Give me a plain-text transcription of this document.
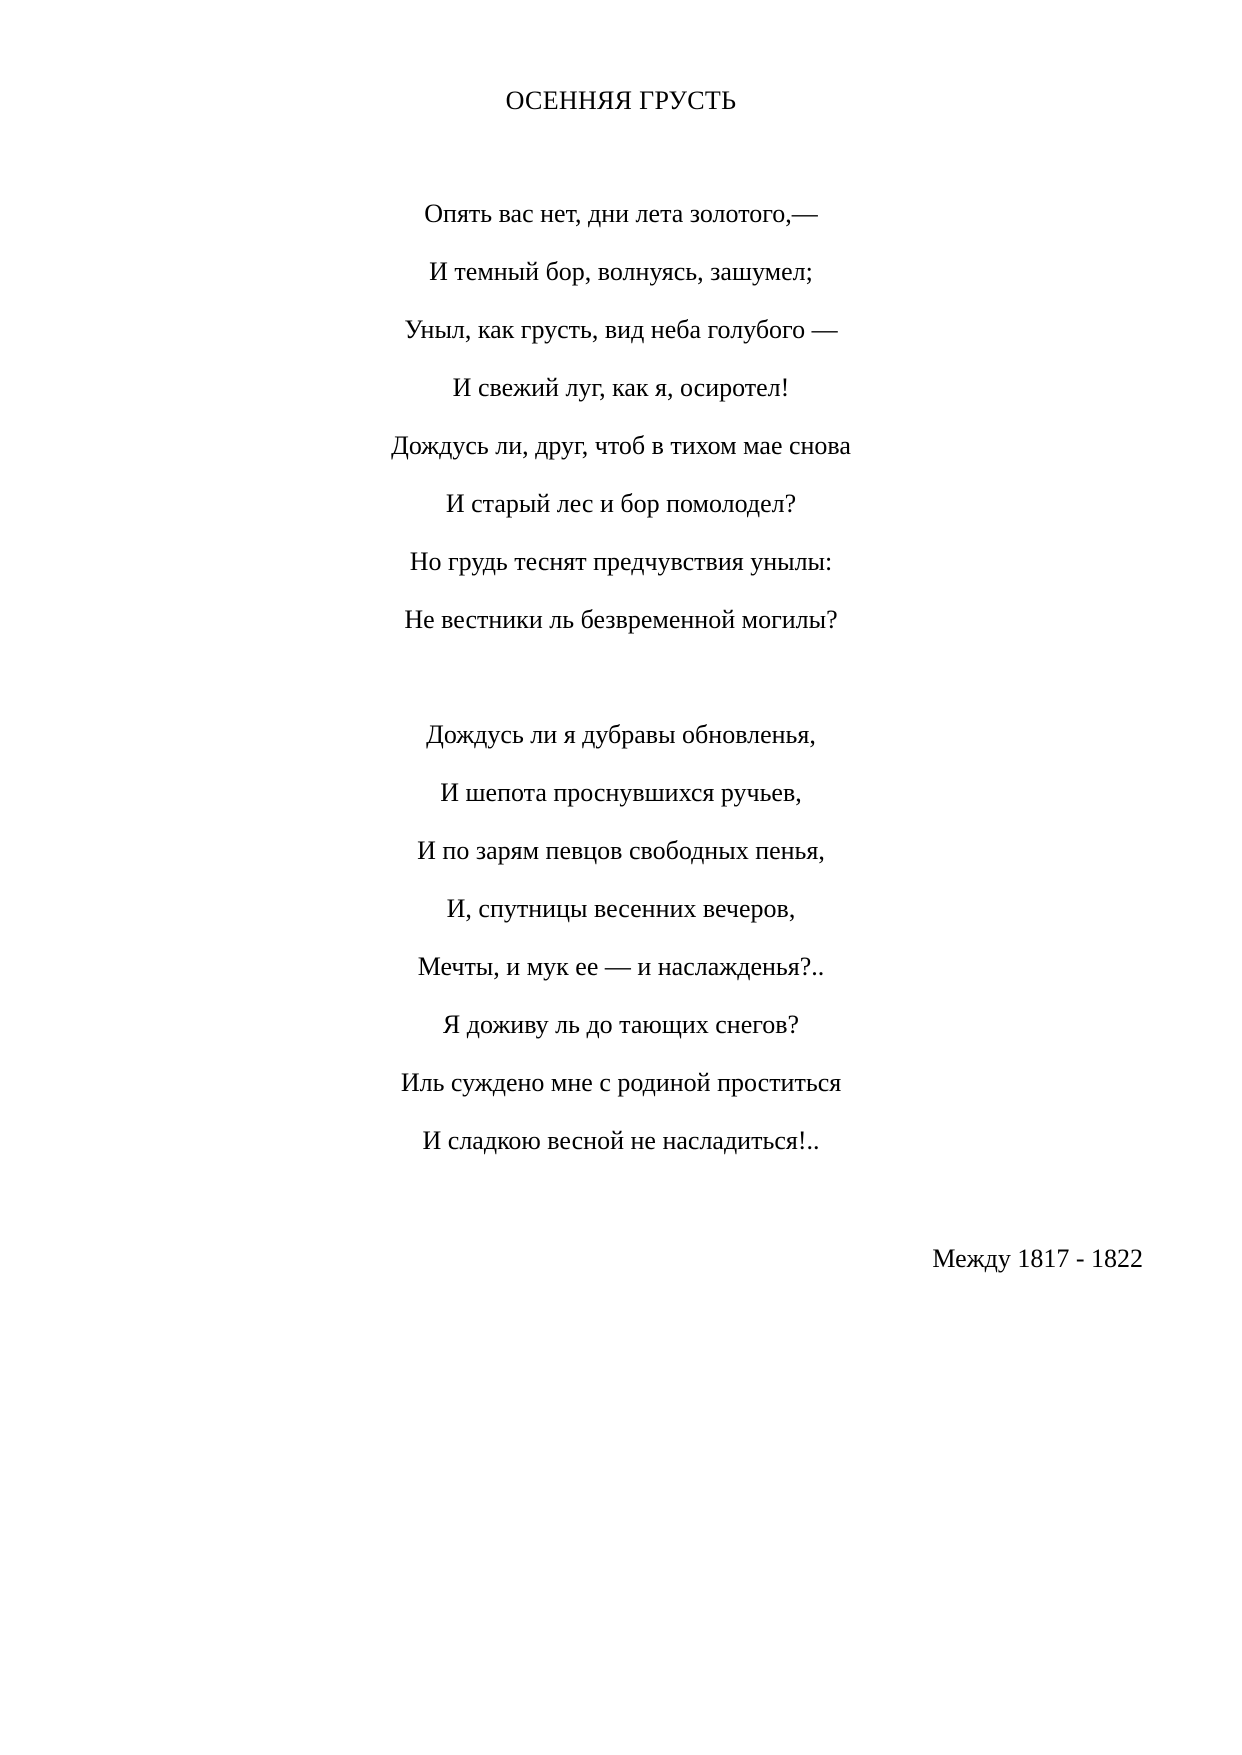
ОСЕННЯЯ ГРУСТЬ
Опять вас нет, дни лета золотого,—
И темный бор, волнуясь, зашумел;
Уныл, как грусть, вид неба голубого —
И свежий луг, как я, осиротел!
Дождусь ли, друг, чтоб в тихом мае снова
И старый лес и бор помолодел?
Но грудь теснят предчувствия унылы:
Не вестники ль безвременной могилы?
Дождусь ли я дубравы обновленья,
И шепота проснувшихся ручьев,
И по зарям певцов свободных пенья,
И, спутницы весенних вечеров,
Мечты, и мук ее — и наслажденья?..
Я доживу ль до тающих снегов?
Иль суждено мне с родиной проститься
И сладкою весной не насладиться!..
Между 1817 - 1822
